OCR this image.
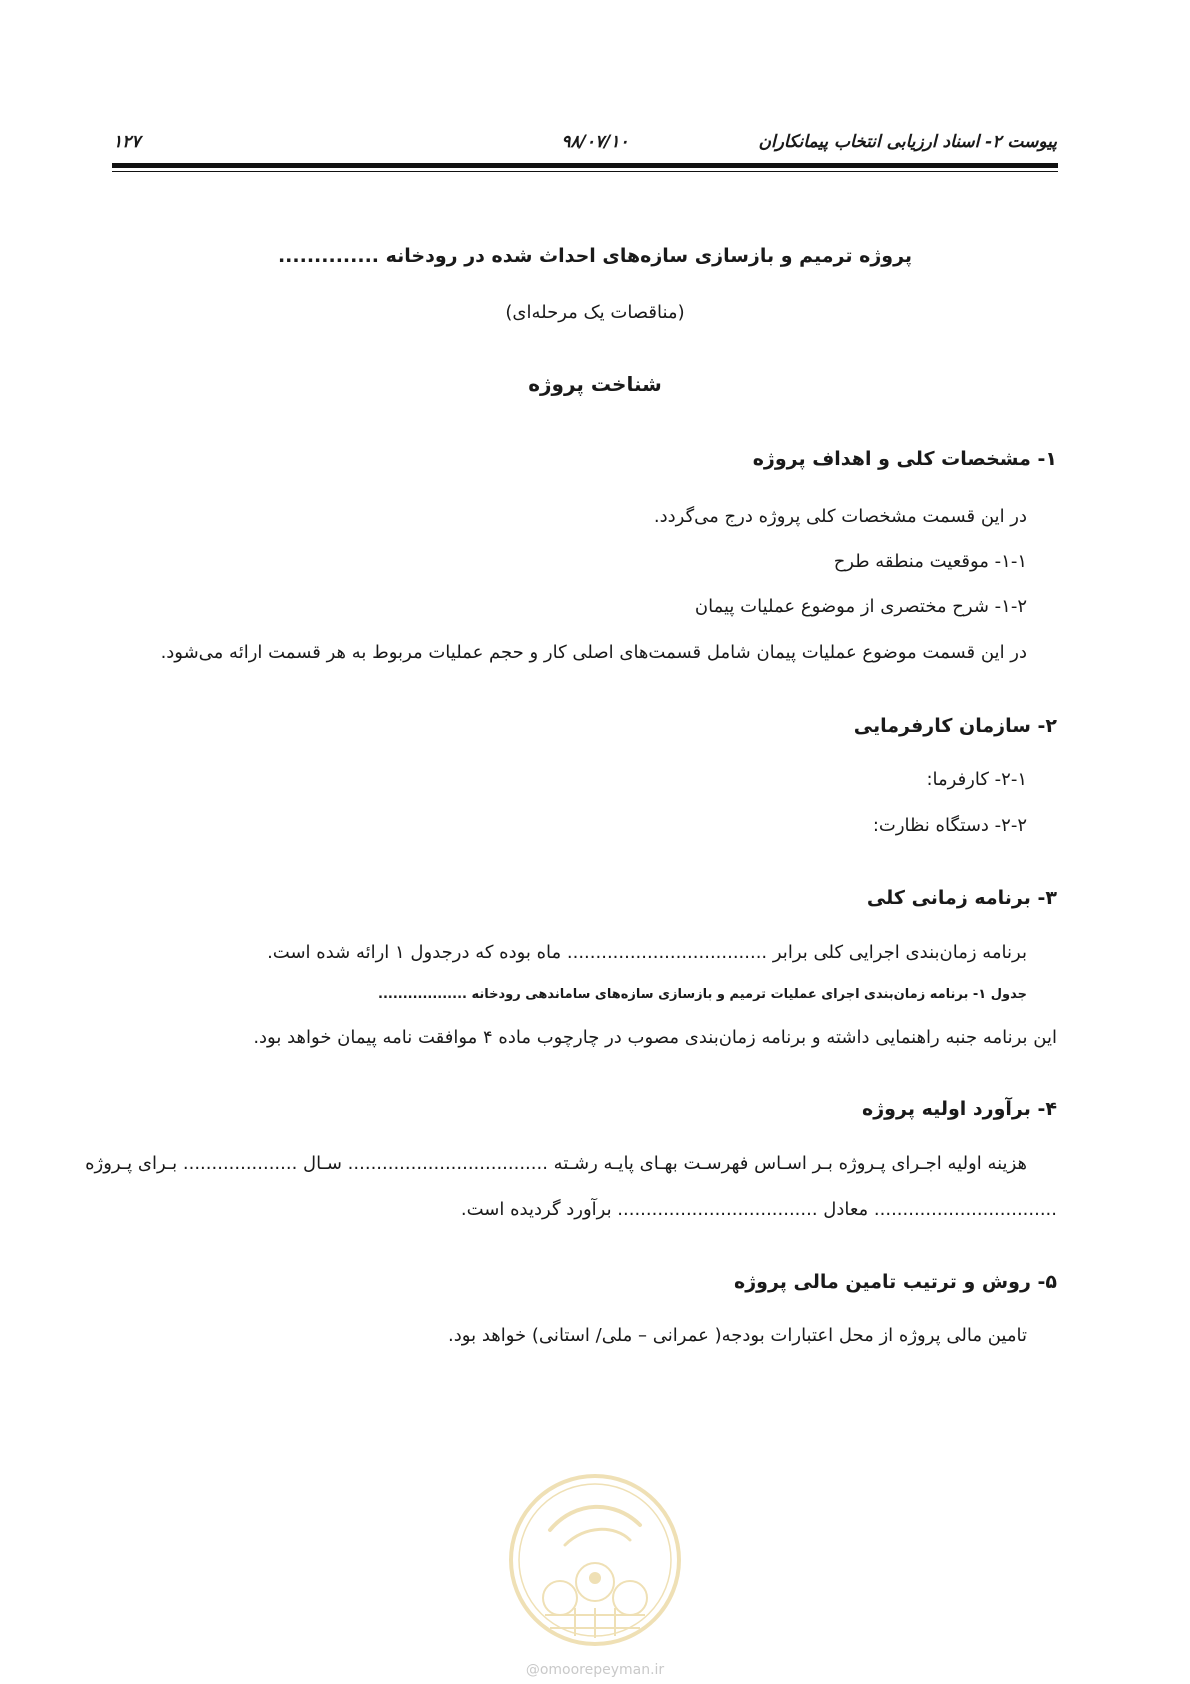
پیوست ۲- اسناد ارزیابی انتخاب پیمانکاران
۹۸/۰۷/۱۰
۱۲۷
پروژه ترمیم و بازسازی سازه‌های احداث شده در رودخانه ..............
(مناقصات یک مرحله‌ای)
شناخت پروژه
۱- مشخصات کلی و اهداف پروژه
در این قسمت مشخصات کلی پروژه درج می‌گردد.
۱-۱- موقعیت منطقه طرح
۱-۲- شرح مختصری از موضوع عملیات پیمان
در این قسمت موضوع عملیات پیمان شامل قسمت‌های اصلی کار و حجم عملیات مربوط به هر قسمت ارائه می‌شود.
۲- سازمان کارفرمایی
۲-۱- کارفرما:
۲-۲- دستگاه نظارت:
۳- برنامه زمانی کلی
برنامه زمان‌بندی اجرایی کلی برابر ................................... ماه بوده که درجدول ۱ ارائه شده است.
جدول ۱- برنامه زمان‌بندی اجرای عملیات ترمیم و بازسازی سازه‌های ساماندهی رودخانه ..................
این برنامه جنبه راهنمایی داشته و برنامه زمان‌بندی مصوب در چارچوب ماده ۴ موافقت نامه پیمان خواهد بود.
۴- برآورد اولیه پروژه
هزینه اولیه اجـرای پـروژه بـر اسـاس فهرسـت بهـای پایـه رشـته ................................... سـال .................... بـرای پـروژه
................................ معادل ................................... برآورد گردیده است.
۵- روش و ترتیب تامین مالی پروژه
تامین مالی پروژه از محل اعتبارات بودجه( عمرانی – ملی/ استانی) خواهد بود.
@omoorepeyman.ir
